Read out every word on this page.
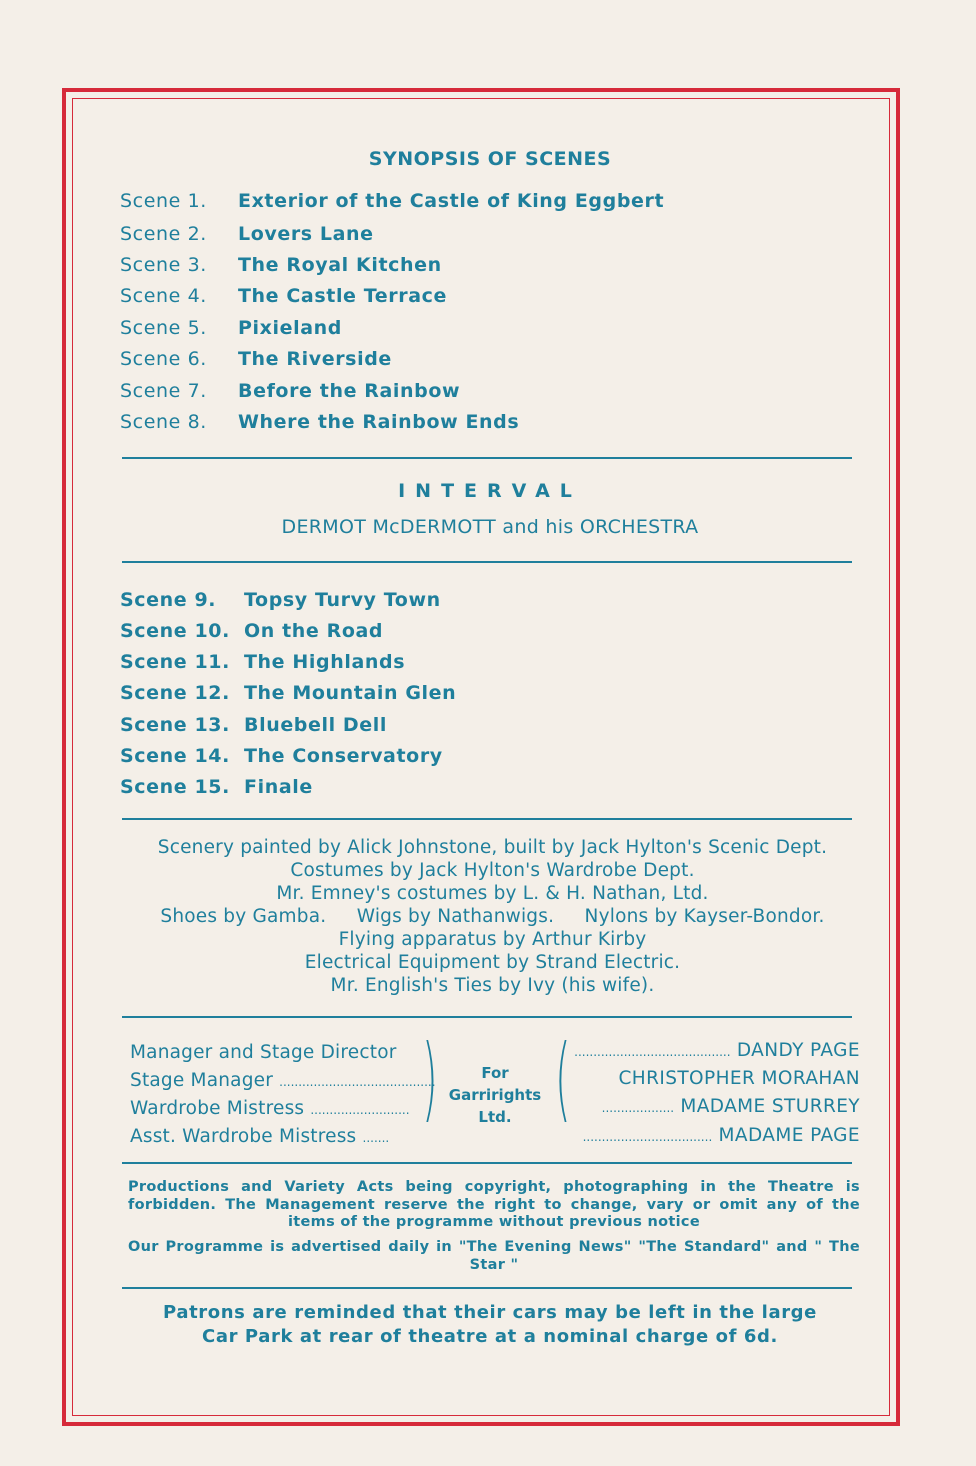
SYNOPSIS OF SCENES
Scene 1. Exterior of the Castle of King Eggbert
Scene 2. Lovers Lane
Scene 3. The Royal Kitchen
Scene 4. The Castle Terrace
Scene 5. Pixieland
Scene 6. The Riverside
Scene 7. Before the Rainbow
Scene 8. Where the Rainbow Ends
INTERVAL
DERMOT McDERMOTT and his ORCHESTRA
Scene 9. Topsy Turvy Town
Scene 10. On the Road
Scene 11. The Highlands
Scene 12. The Mountain Glen
Scene 13. Bluebell Dell
Scene 14. The Conservatory
Scene 15. Finale
Scenery painted by Alick Johnstone, built by Jack Hylton's Scenic Dept.
Costumes by Jack Hylton's Wardrobe Dept.
Mr. Emney's costumes by L. & H. Nathan, Ltd.
Shoes by Gamba.     Wigs by Nathanwigs.     Nylons by Kayser-Bondor.
Flying apparatus by Arthur Kirby
Electrical Equipment by Strand Electric.
Mr. English's Ties by Ivy (his wife).
Manager and Stage Director
Stage Manager .........................................
Wardrobe Mistress ..........................
Asst. Wardrobe Mistress .......
)	For
Garrirights
Ltd.	( ......................................... DANDY PAGE
CHRISTOPHER MORAHAN
................... MADAME STURREY
.................................. MADAME PAGE
Productions and Variety Acts being copyright, photographing in the Theatre is forbidden. The Management reserve the right to change, vary or omit any of the items of the programme without previous notice
Our Programme is advertised daily in "The Evening News" "The Standard" and " The Star "
Patrons are reminded that their cars may be left in the large
Car Park at rear of theatre at a nominal charge of 6d.
